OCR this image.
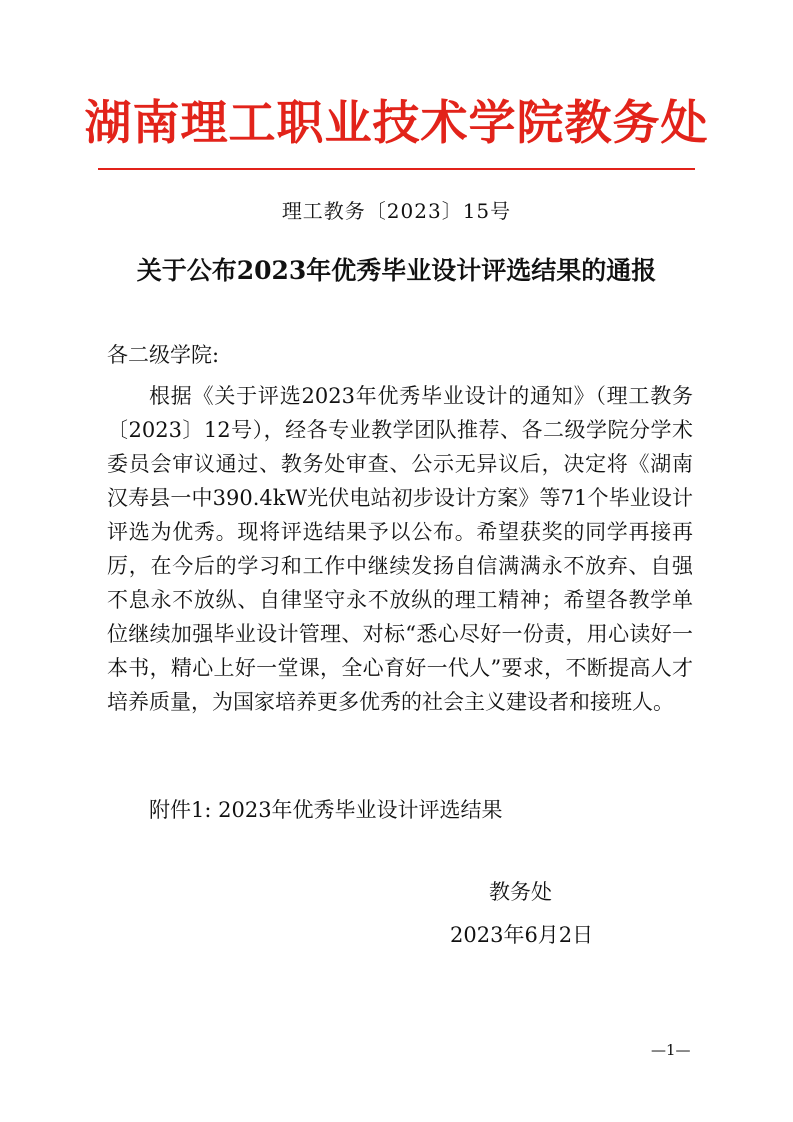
湖南理工职业技术学院教务处
理工教务〔2023〕15号
关于公布2023年优秀毕业设计评选结果的通报
各二级学院:

根据《关于评选2023年优秀毕业设计的通知》（理工教务〔2023〕12号），经各专业教学团队推荐、各二级学院分学术委员会审议通过、教务处审查、公示无异议后，决定将《湖南汉寿县一中390.4kW光伏电站初步设计方案》等71个毕业设计评选为优秀。现将评选结果予以公布。希望获奖的同学再接再厉，在今后的学习和工作中继续发扬自信满满永不放弃、自强不息永不放纵、自律坚守永不放纵的理工精神；希望各教学单位继续加强毕业设计管理、对标“悉心尽好一份责，用心读好一本书，精心上好一堂课，全心育好一代人”要求，不断提高人才培养质量，为国家培养更多优秀的社会主义建设者和接班人。

附件1: 2023年优秀毕业设计评选结果
教务处
2023年6月2日
—1—
